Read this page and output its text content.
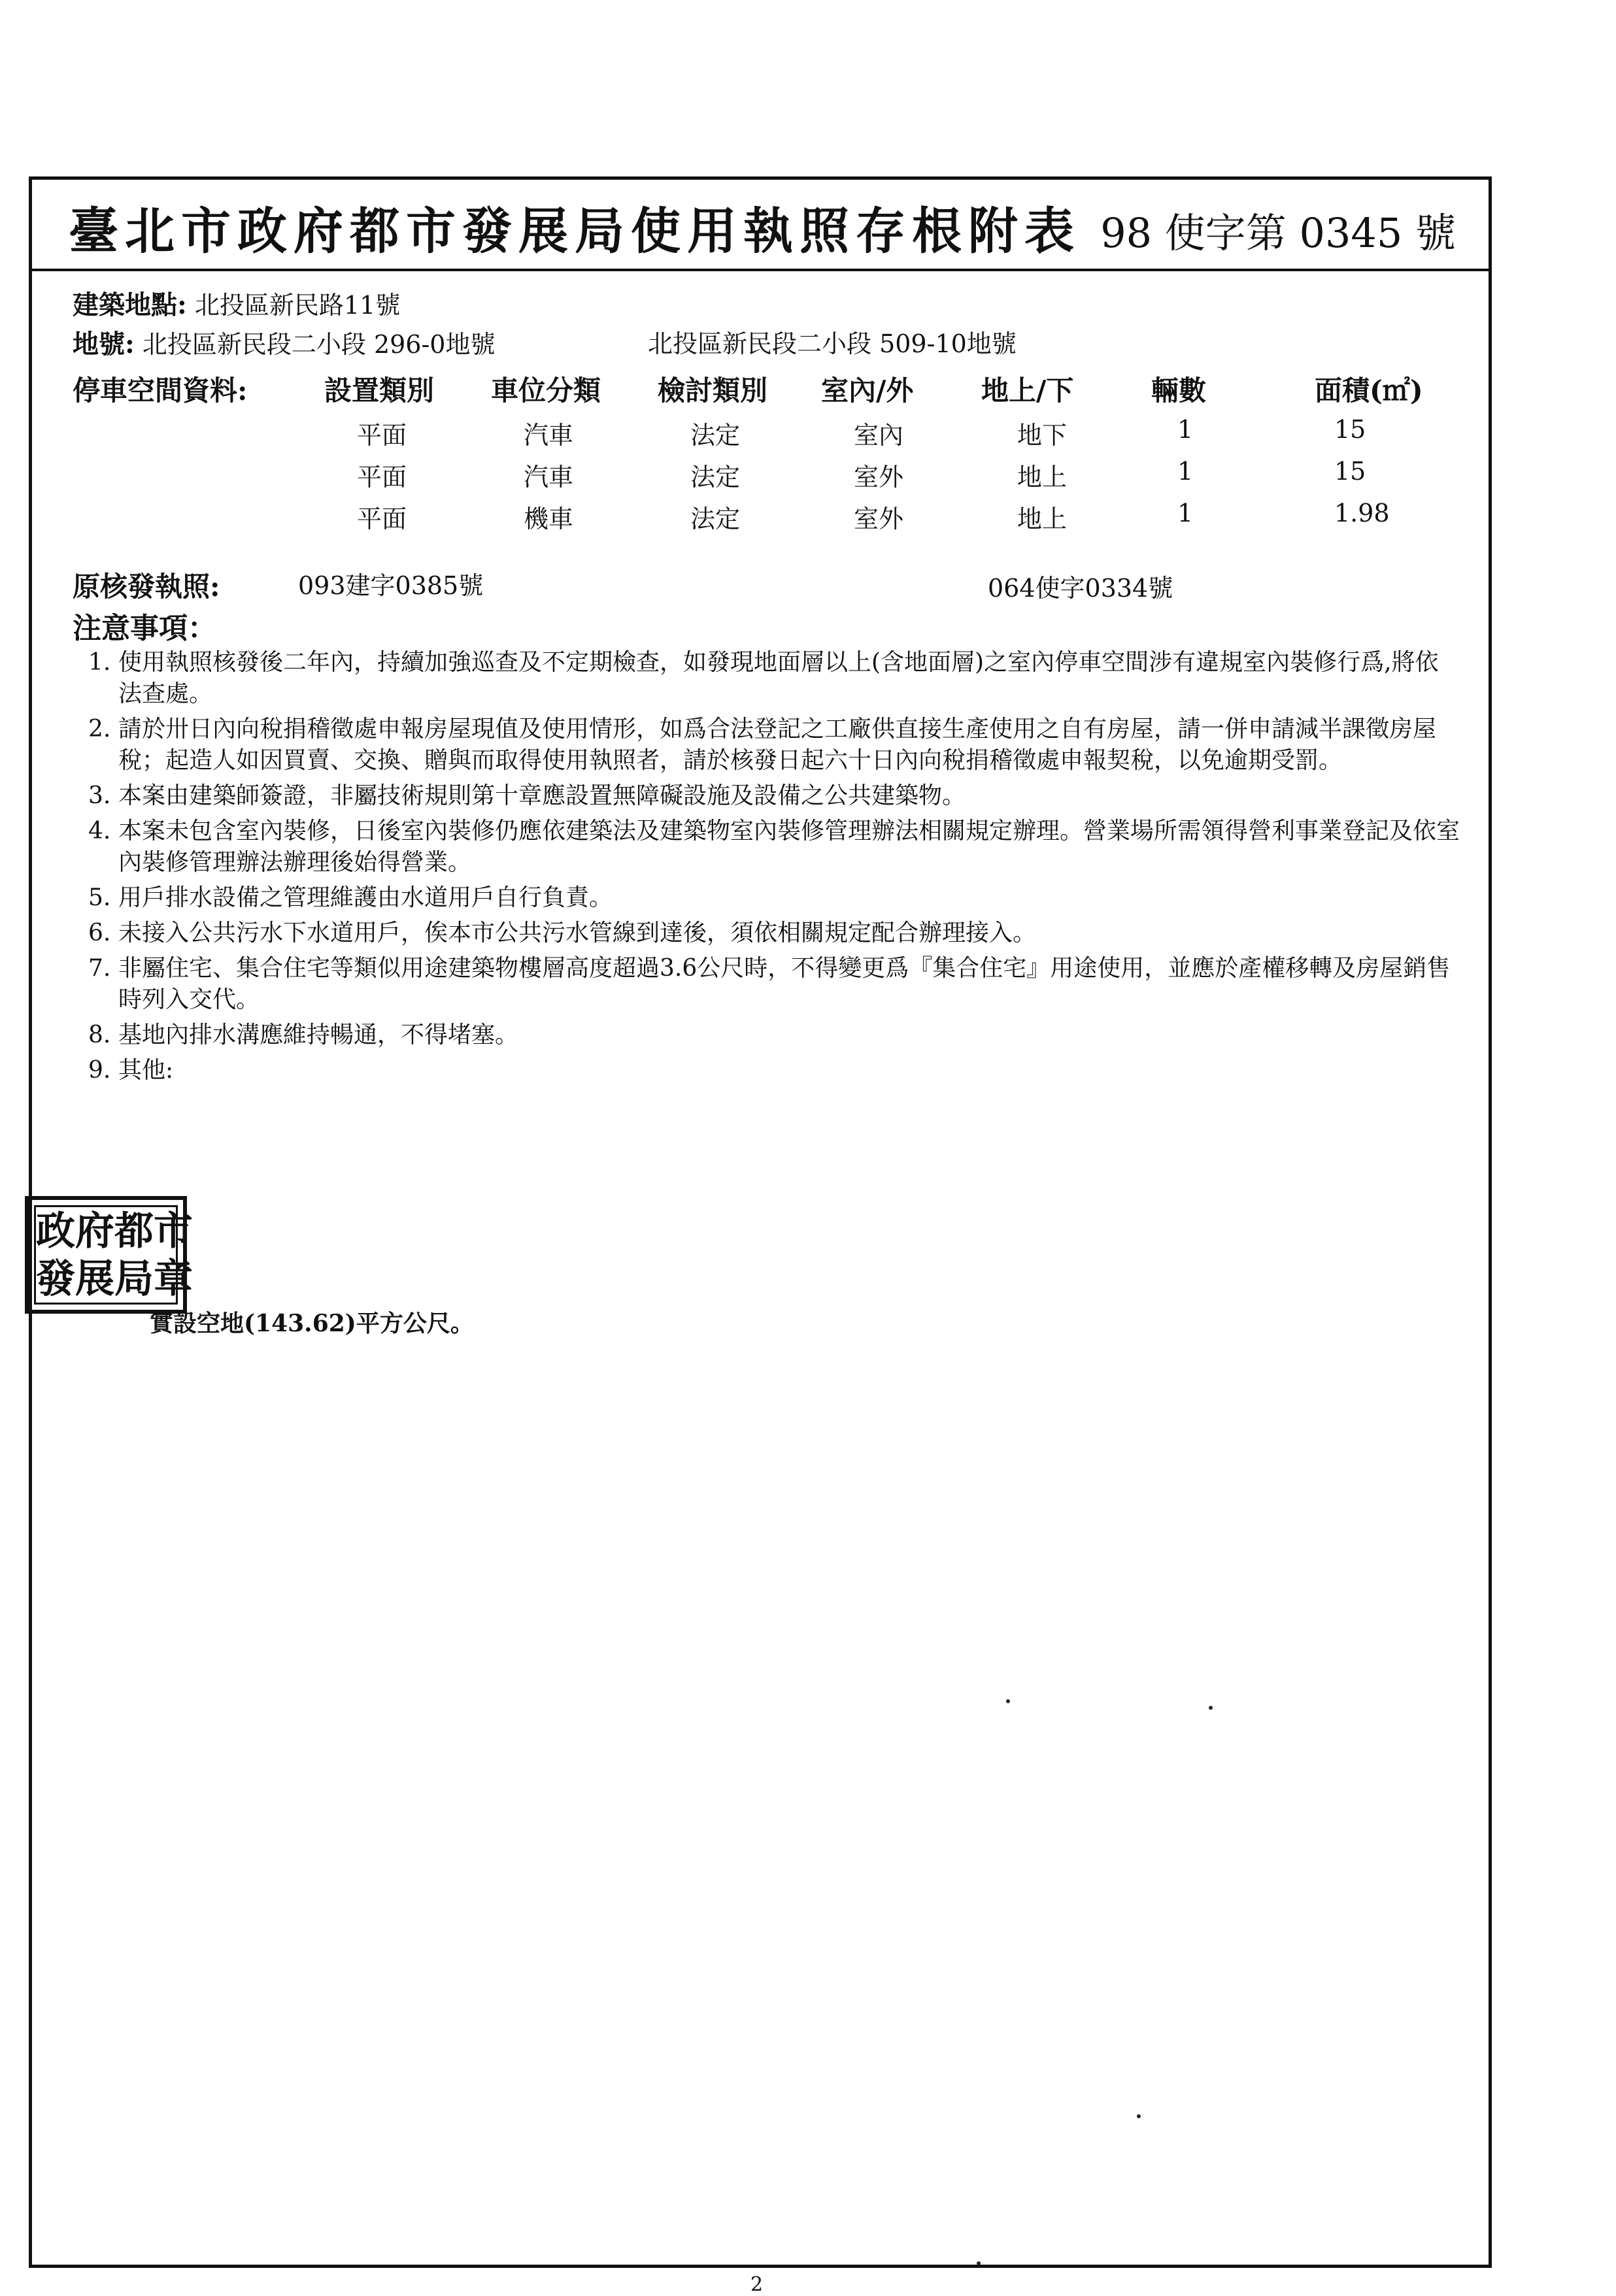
臺北市政府都市發展局使用執照存根附表 98 使字第 0345 號
建築地點: 北投區新民路11號
地號: 北投區新民段二小段 296-0地號	北投區新民段二小段 509-10地號
停車空間資料:	設置類別 車位分類 檢討類別 室內/外 地上/下	輛數	面積(㎡)
平面	汽車	法定	室內	地下	1	15
平面	汽車	法定	室外	地上	1	15
平面	機車	法定	室外	地上	1	1.98
原核發執照:	093建字0385號	064使字0334號
注意事項：
1. 使用執照核發後二年內，持續加強巡查及不定期檢查，如發現地面層以上(含地面層)之室內停車空間涉有違規室內裝修行爲,將依法查處。
2. 請於卅日內向稅捐稽徵處申報房屋現值及使用情形，如爲合法登記之工廠供直接生產使用之自有房屋，請一併申請減半課徵房屋稅；起造人如因買賣、交換、贈與而取得使用執照者，請於核發日起六十日內向稅捐稽徵處申報契稅，以免逾期受罰。
3. 本案由建築師簽證，非屬技術規則第十章應設置無障礙設施及設備之公共建築物。
4. 本案未包含室內裝修，日後室內裝修仍應依建築法及建築物室內裝修管理辦法相關規定辦理。營業場所需領得營利事業登記及依室內裝修管理辦法辦理後始得營業。
5. 用戶排水設備之管理維護由水道用戶自行負責。
6. 未接入公共污水下水道用戶，俟本市公共污水管線到達後，須依相關規定配合辦理接入。
7. 非屬住宅、集合住宅等類似用途建築物樓層高度超過3.6公尺時，不得變更爲『集合住宅』用途使用，並應於產權移轉及房屋銷售時列入交代。
8. 基地內排水溝應維持暢通，不得堵塞。
9. 其他:
實設空地(143.62)平方公尺。
政 府 都 市
發 展 局 章
2
